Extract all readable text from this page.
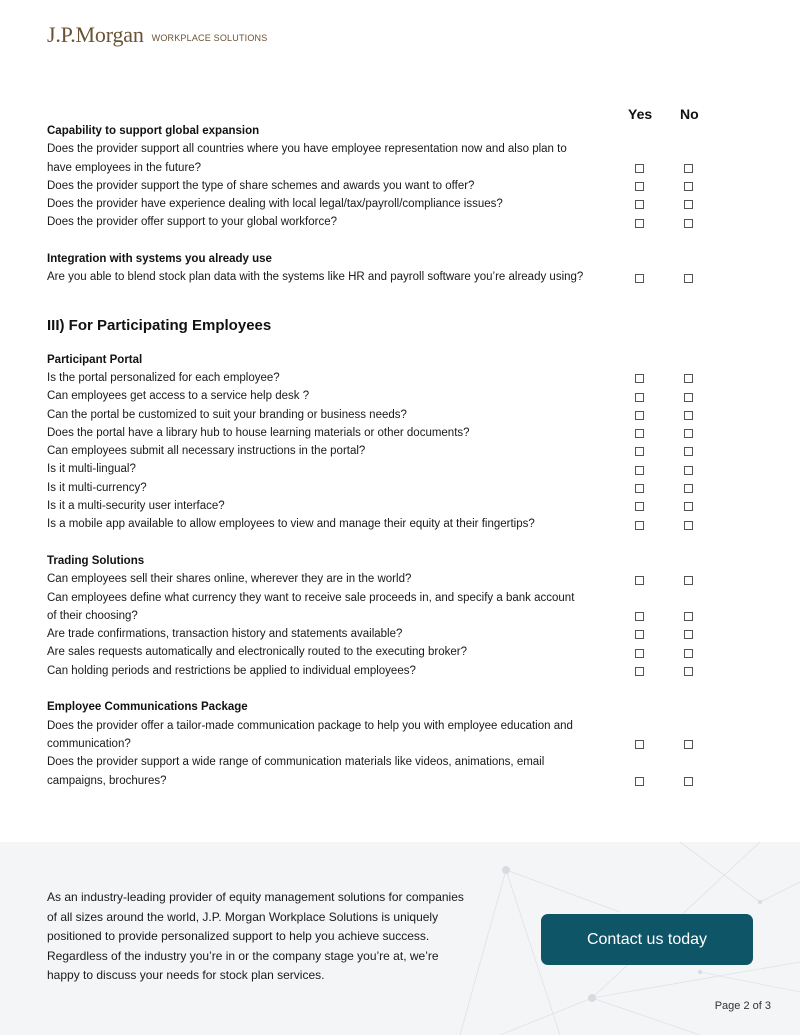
J.P.Morgan WORKPLACE SOLUTIONS
Yes No
Capability to support global expansion
Does the provider support all countries where you have employee representation now and also plan to have employees in the future?
Does the provider support the type of share schemes and awards you want to offer?
Does the provider have experience dealing with local legal/tax/payroll/compliance issues?
Does the provider offer support to your global workforce?
Integration with systems you already use
Are you able to blend stock plan data with the systems like HR and payroll software you’re already using?
III) For Participating Employees
Participant Portal
Is the portal personalized for each employee?
Can employees get access to a service help desk ?
Can the portal be customized to suit your branding or business needs?
Does the portal have a library hub to house learning materials or other documents?
Can employees submit all necessary instructions in the portal?
Is it multi-lingual?
Is it multi-currency?
Is it a multi-security user interface?
Is a mobile app available to allow employees to view and manage their equity at their fingertips?
Trading Solutions
Can employees sell their shares online, wherever they are in the world?
Can employees define what currency they want to receive sale proceeds in, and specify a bank account of their choosing?
Are trade confirmations, transaction history and statements available?
Are sales requests automatically and electronically routed to the executing broker?
Can holding periods and restrictions be applied to individual employees?
Employee Communications Package
Does the provider offer a tailor-made communication package to help you with employee education and communication?
Does the provider support a wide range of communication materials like videos, animations, email campaigns, brochures?

As an industry-leading provider of equity management solutions for companies of all sizes around the world, J.P. Morgan Workplace Solutions is uniquely positioned to provide personalized support to help you achieve success. Regardless of the industry you’re in or the company stage you’re at, we’re happy to discuss your needs for stock plan services.

Contact us today
Page 2 of 3
